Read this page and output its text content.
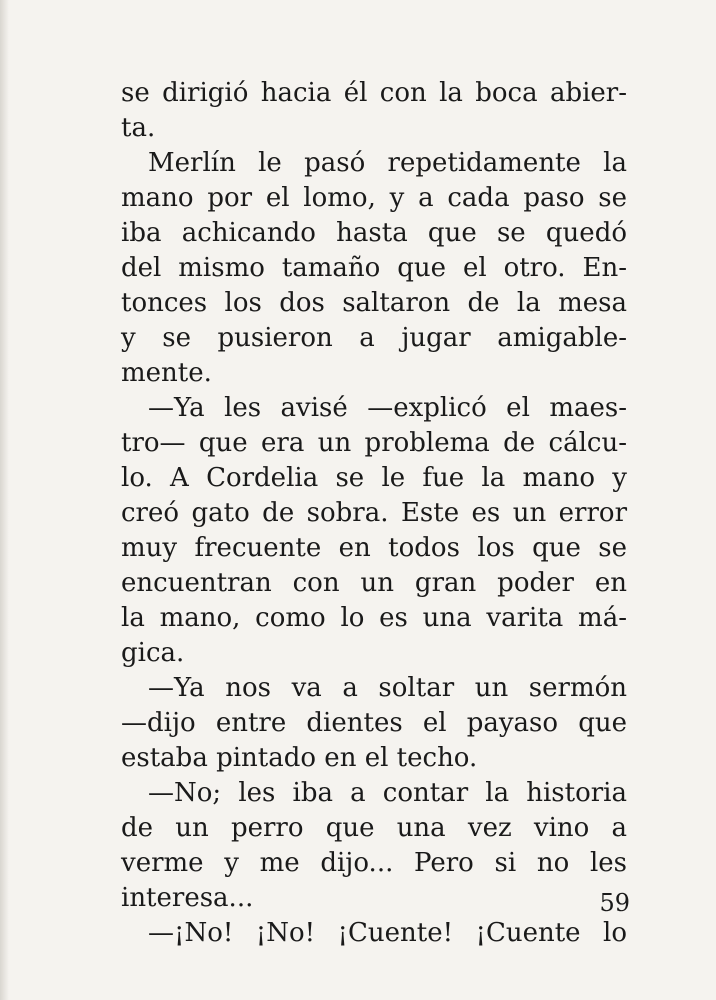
se dirigió hacia él con la boca abier-
ta.
Merlín le pasó repetidamente la
mano por el lomo, y a cada paso se
iba achicando hasta que se quedó
del mismo tamaño que el otro. En-
tonces los dos saltaron de la mesa
y se pusieron a jugar amigable-
mente.
—Ya les avisé —explicó el maes-
tro— que era un problema de cálcu-
lo. A Cordelia se le fue la mano y
creó gato de sobra. Este es un error
muy frecuente en todos los que se
encuentran con un gran poder en
la mano, como lo es una varita má-
gica.
—Ya nos va a soltar un sermón
—dijo entre dientes el payaso que
estaba pintado en el techo.
—No; les iba a contar la historia
de un perro que una vez vino a
verme y me dijo... Pero si no les
interesa...
—¡No! ¡No! ¡Cuente! ¡Cuente lo
59
